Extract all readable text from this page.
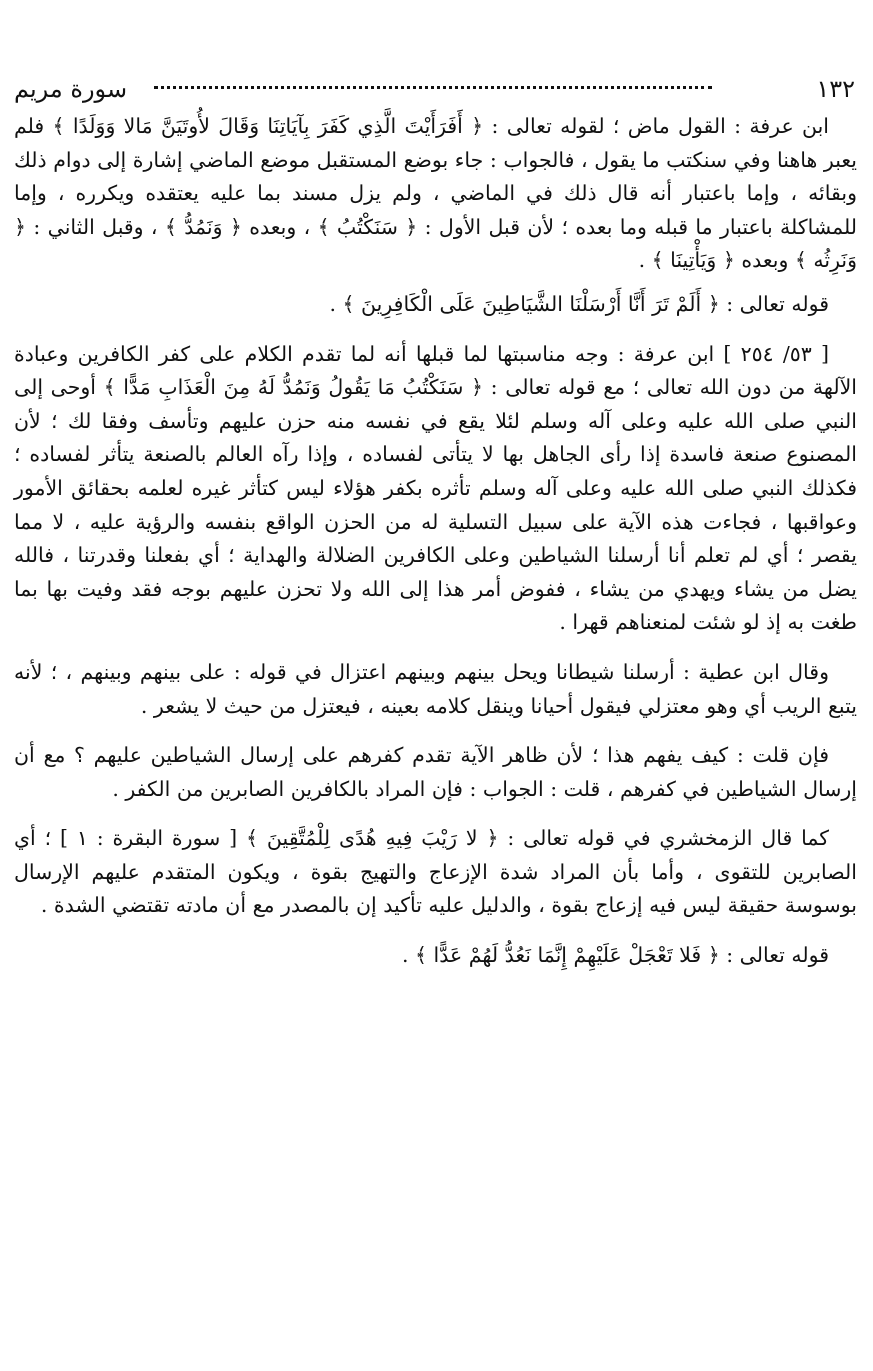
١٣٢
سورة مريم

ابن عرفة : القول ماض ؛ لقوله تعالى : ﴿ أَفَرَأَيْتَ الَّذِي كَفَرَ بِآيَاتِنَا وَقَالَ لأُوتَيَنَّ مَالا وَوَلَدًا ﴾ فلم يعبر هاهنا وفي سنكتب ما يقول ، فالجواب : جاء بوضع المستقبل موضع الماضي إشارة إلى دوام ذلك وبقائه ، وإما باعتبار أنه قال ذلك في الماضي ، ولم يزل مسند بما عليه يعتقده ويكرره ، وإما للمشاكلة باعتبار ما قبله وما بعده ؛ لأن قبل الأول : ﴿ سَنَكْتُبُ ﴾ ، وبعده ﴿ وَنَمُدُّ ﴾ ، وقبل الثاني : ﴿ وَنَرِثُه ﴾ وبعده ﴿ وَيَأْتِينَا ﴾ .

قوله تعالى : ﴿ أَلَمْ تَرَ أَنَّا أَرْسَلْنَا الشَّيَاطِينَ عَلَى الْكَافِرِينَ ﴾ .

[ ٥٣/ ٢٥٤ ] ابن عرفة : وجه مناسبتها لما قبلها أنه لما تقدم الكلام على كفر الكافرين وعبادة الآلهة من دون الله تعالى ؛ مع قوله تعالى : ﴿ سَنَكْتُبُ مَا يَقُولُ وَنَمُدُّ لَهُ مِنَ الْعَذَابِ مَدًّا ﴾ أوحى إلى النبي صلى الله عليه وعلى آله وسلم لئلا يقع في نفسه منه حزن عليهم وتأسف وفقا لك ؛ لأن المصنوع صنعة فاسدة إذا رأى الجاهل بها لا يتأتى لفساده ، وإذا رآه العالم بالصنعة يتأثر لفساده ؛ فكذلك النبي صلى الله عليه وعلى آله وسلم تأثره بكفر هؤلاء ليس كتأثر غيره لعلمه بحقائق الأمور وعواقبها ، فجاءت هذه الآية على سبيل التسلية له من الحزن الواقع بنفسه والرؤية عليه ، لا مما يقصر ؛ أي لم تعلم أنا أرسلنا الشياطين وعلى الكافرين الضلالة والهداية ؛ أي بفعلنا وقدرتنا ، فالله يضل من يشاء ويهدي من يشاء ، ففوض أمر هذا إلى الله ولا تحزن عليهم بوجه فقد وفيت بها بما طغت به إذ لو شئت لمنعناهم قهرا .

وقال ابن عطية : أرسلنا شيطانا ويحل بينهم وبينهم اعتزال في قوله : على بينهم وبينهم ، ؛ لأنه يتبع الريب أي وهو معتزلي فيقول أحيانا وينقل كلامه بعينه ، فيعتزل من حيث لا يشعر .

فإن قلت : كيف يفهم هذا ؛ لأن ظاهر الآية تقدم كفرهم على إرسال الشياطين عليهم ؟ مع أن إرسال الشياطين في كفرهم ، قلت : الجواب : فإن المراد بالكافرين الصابرين من الكفر .

كما قال الزمخشري في قوله تعالى : ﴿ لا رَيْبَ فِيهِ هُدًى لِلْمُتَّقِينَ ﴾ [ سورة البقرة : ١ ] ؛ أي الصابرين للتقوى ، وأما بأن المراد شدة الإزعاج والتهيج بقوة ، ويكون المتقدم عليهم الإرسال بوسوسة حقيقة ليس فيه إزعاج بقوة ، والدليل عليه تأكيد إن بالمصدر مع أن مادته تقتضي الشدة .

قوله تعالى : ﴿ فَلا تَعْجَلْ عَلَيْهِمْ إِنَّمَا نَعُدُّ لَهُمْ عَدًّا ﴾ .
